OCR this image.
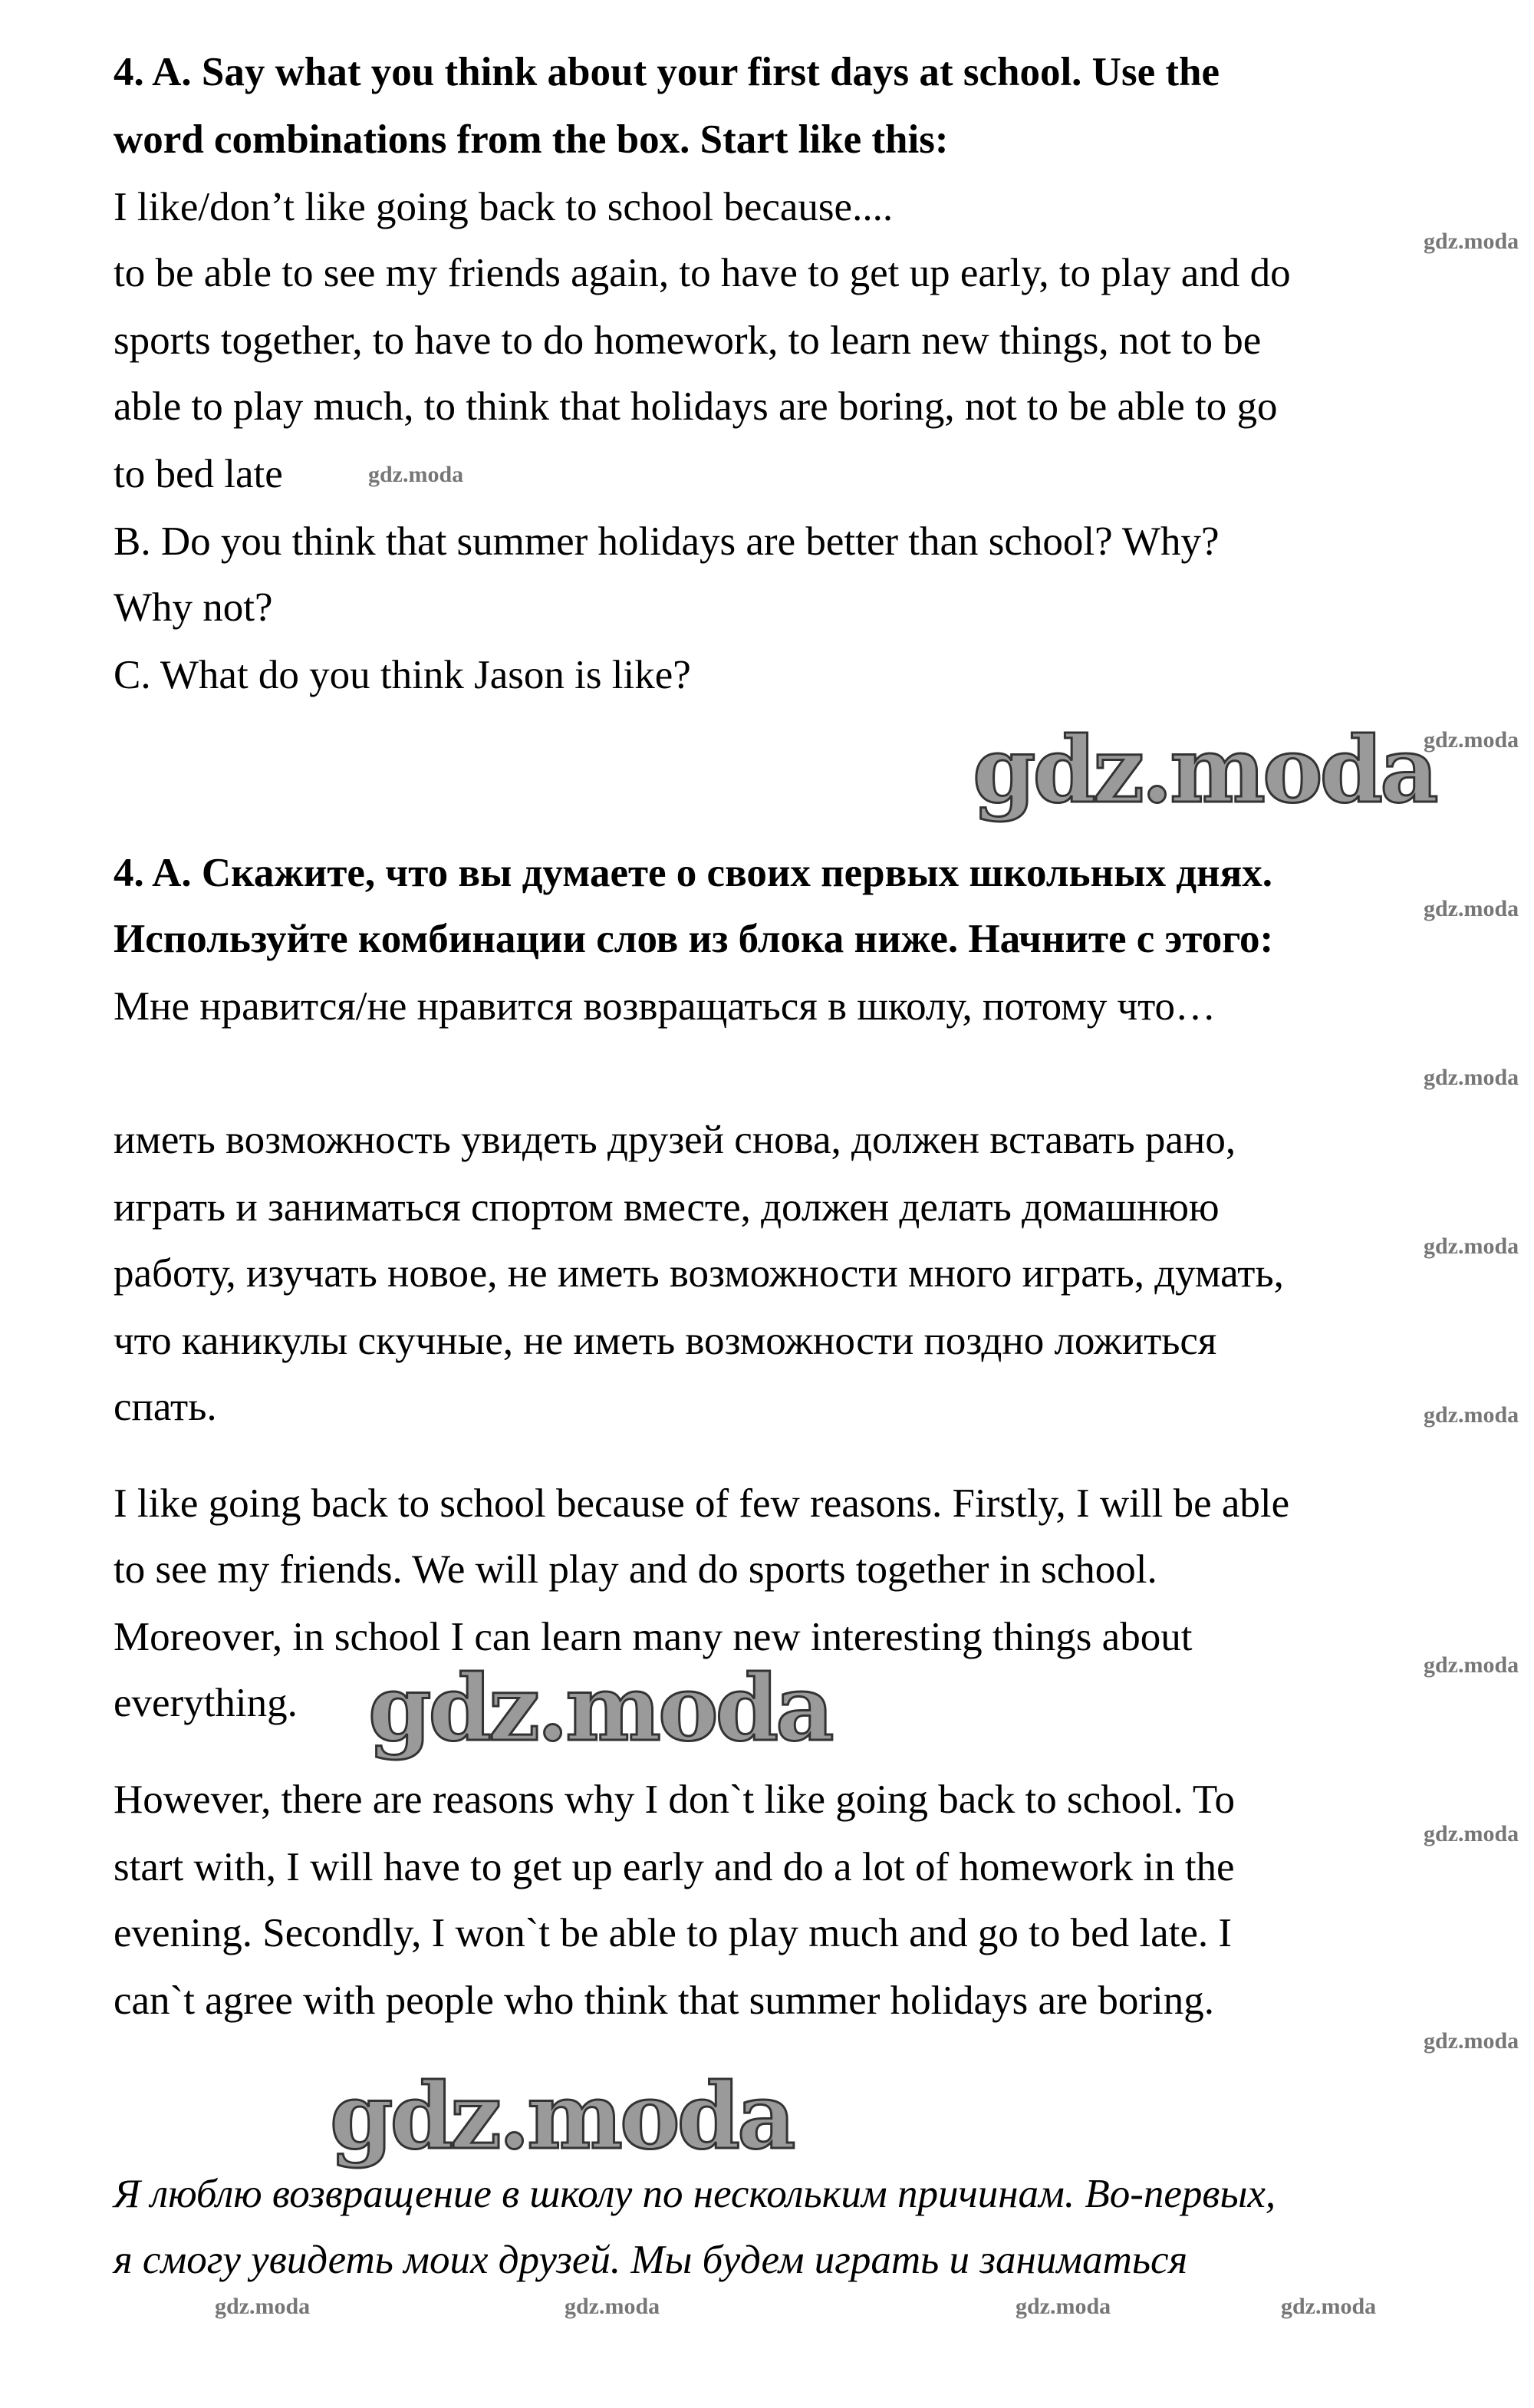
4. A. Say what you think about your first days at school. Use the
word combinations from the box. Start like this:
I like/don’t like going back to school because....
to be able to see my friends again, to have to get up early, to play and do
sports together, to have to do homework, to learn new things, not to be
able to play much, to think that holidays are boring, not to be able to go
to bed late
B. Do you think that summer holidays are better than school? Why?
Why not?
C. What do you think Jason is like?
4. A. Скажите, что вы думаете о своих первых школьных днях.
Используйте комбинации слов из блока ниже. Начните с этого:
Мне нравится/не нравится возвращаться в школу, потому что…
иметь возможность увидеть друзей снова, должен вставать рано,
играть и заниматься спортом вместе, должен делать домашнюю
работу, изучать новое, не иметь возможности много играть, думать,
что каникулы скучные, не иметь возможности поздно ложиться
спать.
I like going back to school because of few reasons. Firstly, I will be able
to see my friends. We will play and do sports together in school.
Moreover, in school I can learn many new interesting things about
everything.
However, there are reasons why I don`t like going back to school. To
start with, I will have to get up early and do a lot of homework in the
evening. Secondly, I won`t be able to play much and go to bed late. I
can`t agree with people who think that summer holidays are boring.
Я люблю возвращение в школу по нескольким причинам. Во-первых,
я смогу увидеть моих друзей. Мы будем играть и заниматься
gdz.moda
gdz.moda
gdz.moda
gdz.moda
gdz.moda
gdz.moda
gdz.moda
gdz.moda
gdz.moda
gdz.moda
gdz.moda
gdz.moda
gdz.moda
gdz.moda	gdz.moda	gdz.moda	gdz.moda
